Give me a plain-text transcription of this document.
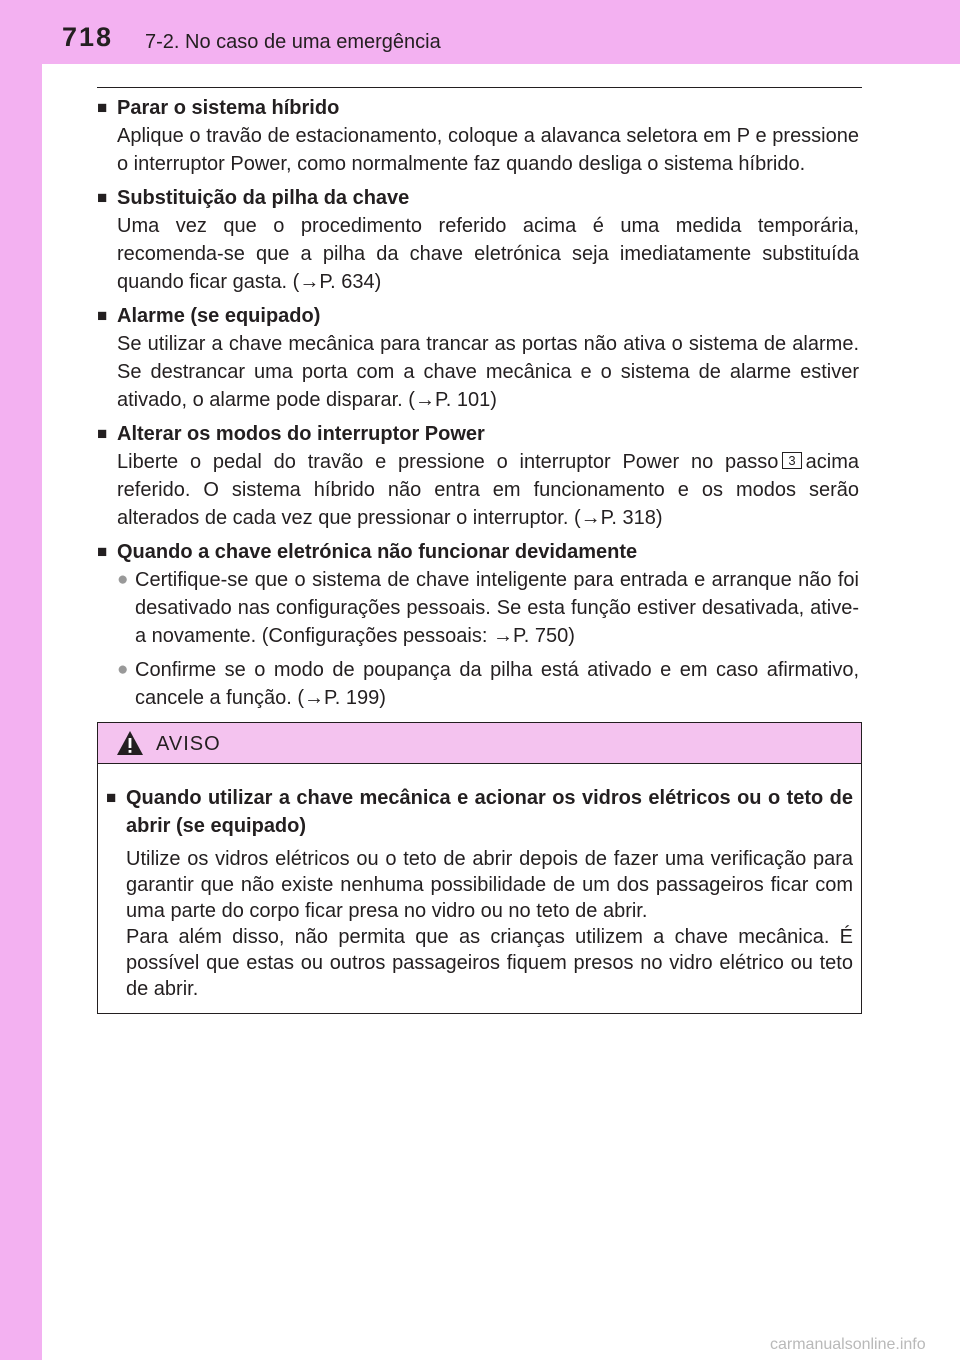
718 7-2. No caso de uma emergência
■ Parar o sistema híbrido
Aplique o travão de estacionamento, coloque a alavanca seletora em P e pressione o interruptor Power, como normalmente faz quando desliga o sistema híbrido.
■ Substituição da pilha da chave
Uma vez que o procedimento referido acima é uma medida temporária, recomenda-se que a pilha da chave eletrónica seja imediatamente substituída quando ficar gasta. (→P. 634)
■ Alarme (se equipado)
Se utilizar a chave mecânica para trancar as portas não ativa o sistema de alarme. Se destrancar uma porta com a chave mecânica e o sistema de alarme estiver ativado, o alarme pode disparar. (→P. 101)
■ Alterar os modos do interruptor Power
Liberte o pedal do travão e pressione o interruptor Power no passo 3 acima referido. O sistema híbrido não entra em funcionamento e os modos serão alterados de cada vez que pressionar o interruptor. (→P. 318)
■ Quando a chave eletrónica não funcionar devidamente
● Certifique-se que o sistema de chave inteligente para entrada e arranque não foi desativado nas configurações pessoais. Se esta função estiver desativada, ative-a novamente. (Configurações pessoais: →P. 750)
● Confirme se o modo de poupança da pilha está ativado e em caso afirmativo, cancele a função. (→P. 199)
AVISO
■ Quando utilizar a chave mecânica e acionar os vidros elétricos ou o teto de abrir (se equipado)
Utilize os vidros elétricos ou o teto de abrir depois de fazer uma verificação para garantir que não existe nenhuma possibilidade de um dos passageiros ficar com uma parte do corpo ficar presa no vidro ou no teto de abrir.
Para além disso, não permita que as crianças utilizem a chave mecânica. É possível que estas ou outros passageiros fiquem presos no vidro elétrico ou teto de abrir.
carmanualsonline.info
